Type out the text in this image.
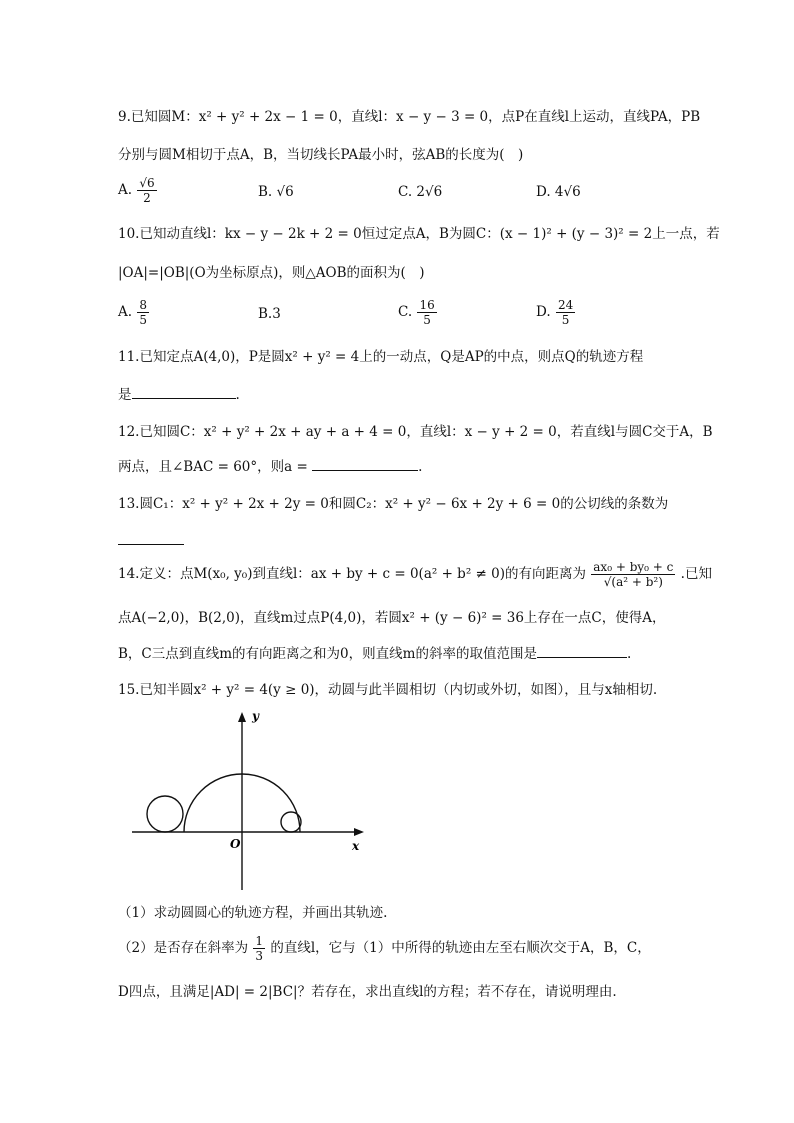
9.已知圆M：x² + y² + 2x − 1 = 0，直线l：x − y − 3 = 0，点P在直线l上运动，直线PA，PB
分别与圆M相切于点A，B，当切线长PA最小时，弦AB的长度为(　)
A. $\frac{√6}{2}$	B. √6	C. 2√6	D. 4√6
10.已知动直线l：kx − y − 2k + 2 = 0恒过定点A，B为圆C：(x − 1)² + (y − 3)² = 2上一点，若
|OA|=|OB|(O为坐标原点)，则△AOB的面积为(　)
A. $\frac{8}{5}$	B.3	C. $\frac{16}{5}$	D. $\frac{24}{5}$
11.已知定点A(4,0)，P是圆x² + y² = 4上的一动点，Q是AP的中点，则点Q的轨迹方程
是	.
12.已知圆C：x² + y² + 2x + ay + a + 4 = 0，直线l：x − y + 2 = 0，若直线l与圆C交于A，B
两点，且∠BAC = 60°，则a =	.
13.圆C₁：x² + y² + 2x + 2y = 0和圆C₂：x² + y² − 6x + 2y + 6 = 0的公切线的条数为
14.定义：点M(x₀, y₀)到直线l：ax + by + c = 0(a² + b² ≠ 0)的有向距离为 $\frac{\text{ax₀ + by₀ + c}}{\text{√(a² + b²)}}$ .已知
点A(−2,0)，B(2,0)，直线m过点P(4,0)，若圆x² + (y − 6)² = 36上存在一点C，使得A，
B，C三点到直线m的有向距离之和为0，则直线m的斜率的取值范围是	.
15.已知半圆x² + y² = 4(y ≥ 0)，动圆与此半圆相切（内切或外切，如图），且与x轴相切.
y
x
O
（1）求动圆圆心的轨迹方程，并画出其轨迹.
（2）是否存在斜率为 $\frac{1}{3}$ 的直线l，它与（1）中所得的轨迹由左至右顺次交于A，B，C，
D四点，且满足|AD| = 2|BC|？若存在，求出直线l的方程；若不存在，请说明理由.
